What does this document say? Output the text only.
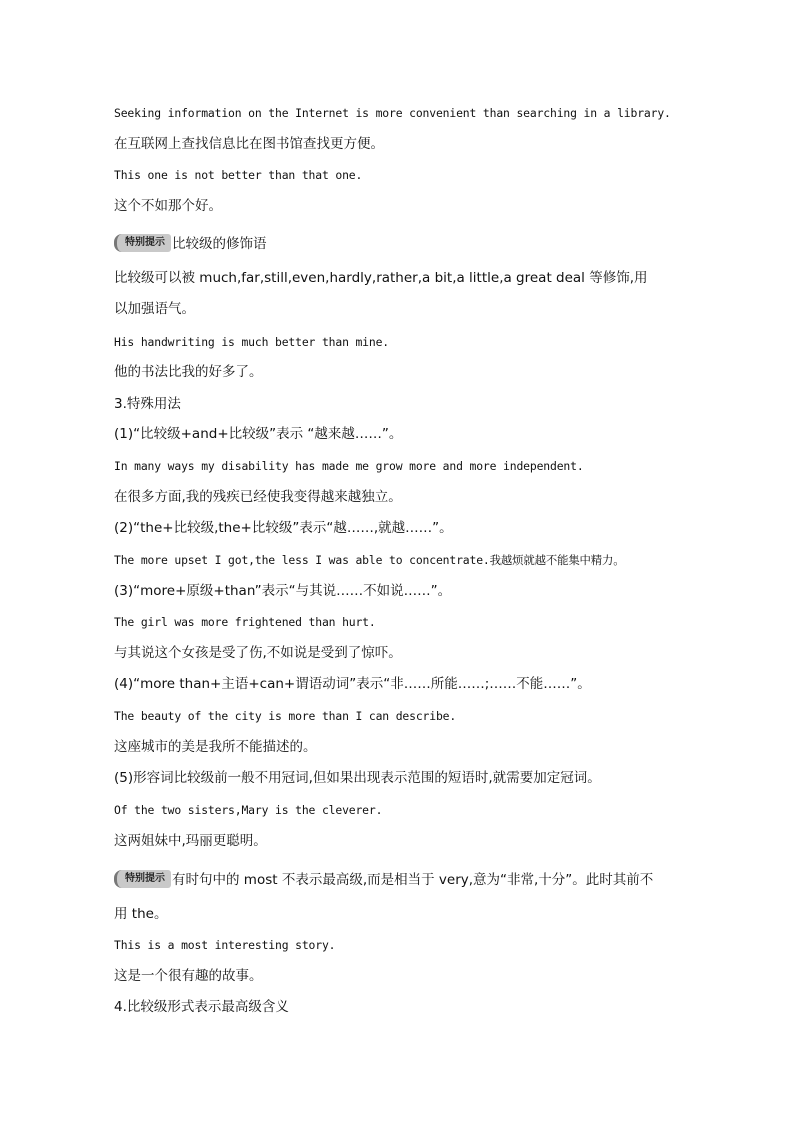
Seeking information on the Internet is more convenient than searching in a library.
在互联网上查找信息比在图书馆查找更方便。
This one is not better than that one.
这个不如那个好。
特别提示 比较级的修饰语
比较级可以被 much,far,still,even,hardly,rather,a bit,a little,a great deal 等修饰,用
以加强语气。
His handwriting is much better than mine.
他的书法比我的好多了。
3.特殊用法
(1)“比较级+and+比较级”表示 “越来越……”。
In many ways my disability has made me grow more and more independent.
在很多方面,我的残疾已经使我变得越来越独立。
(2)“the+比较级,the+比较级”表示“越……,就越……”。
The more upset I got,the less I was able to concentrate.我越烦就越不能集中精力。
(3)“more+原级+than”表示“与其说……不如说……”。
The girl was more frightened than hurt.
与其说这个女孩是受了伤,不如说是受到了惊吓。
(4)“more than+主语+can+谓语动词”表示“非……所能……;……不能……”。
The beauty of the city is more than I can describe.
这座城市的美是我所不能描述的。
(5)形容词比较级前一般不用冠词,但如果出现表示范围的短语时,就需要加定冠词。
Of the two sisters,Mary is the cleverer.
这两姐妹中,玛丽更聪明。
特别提示 有时句中的 most 不表示最高级,而是相当于 very,意为“非常,十分”。此时其前不
用 the。
This is a most interesting story.
这是一个很有趣的故事。
4.比较级形式表示最高级含义
